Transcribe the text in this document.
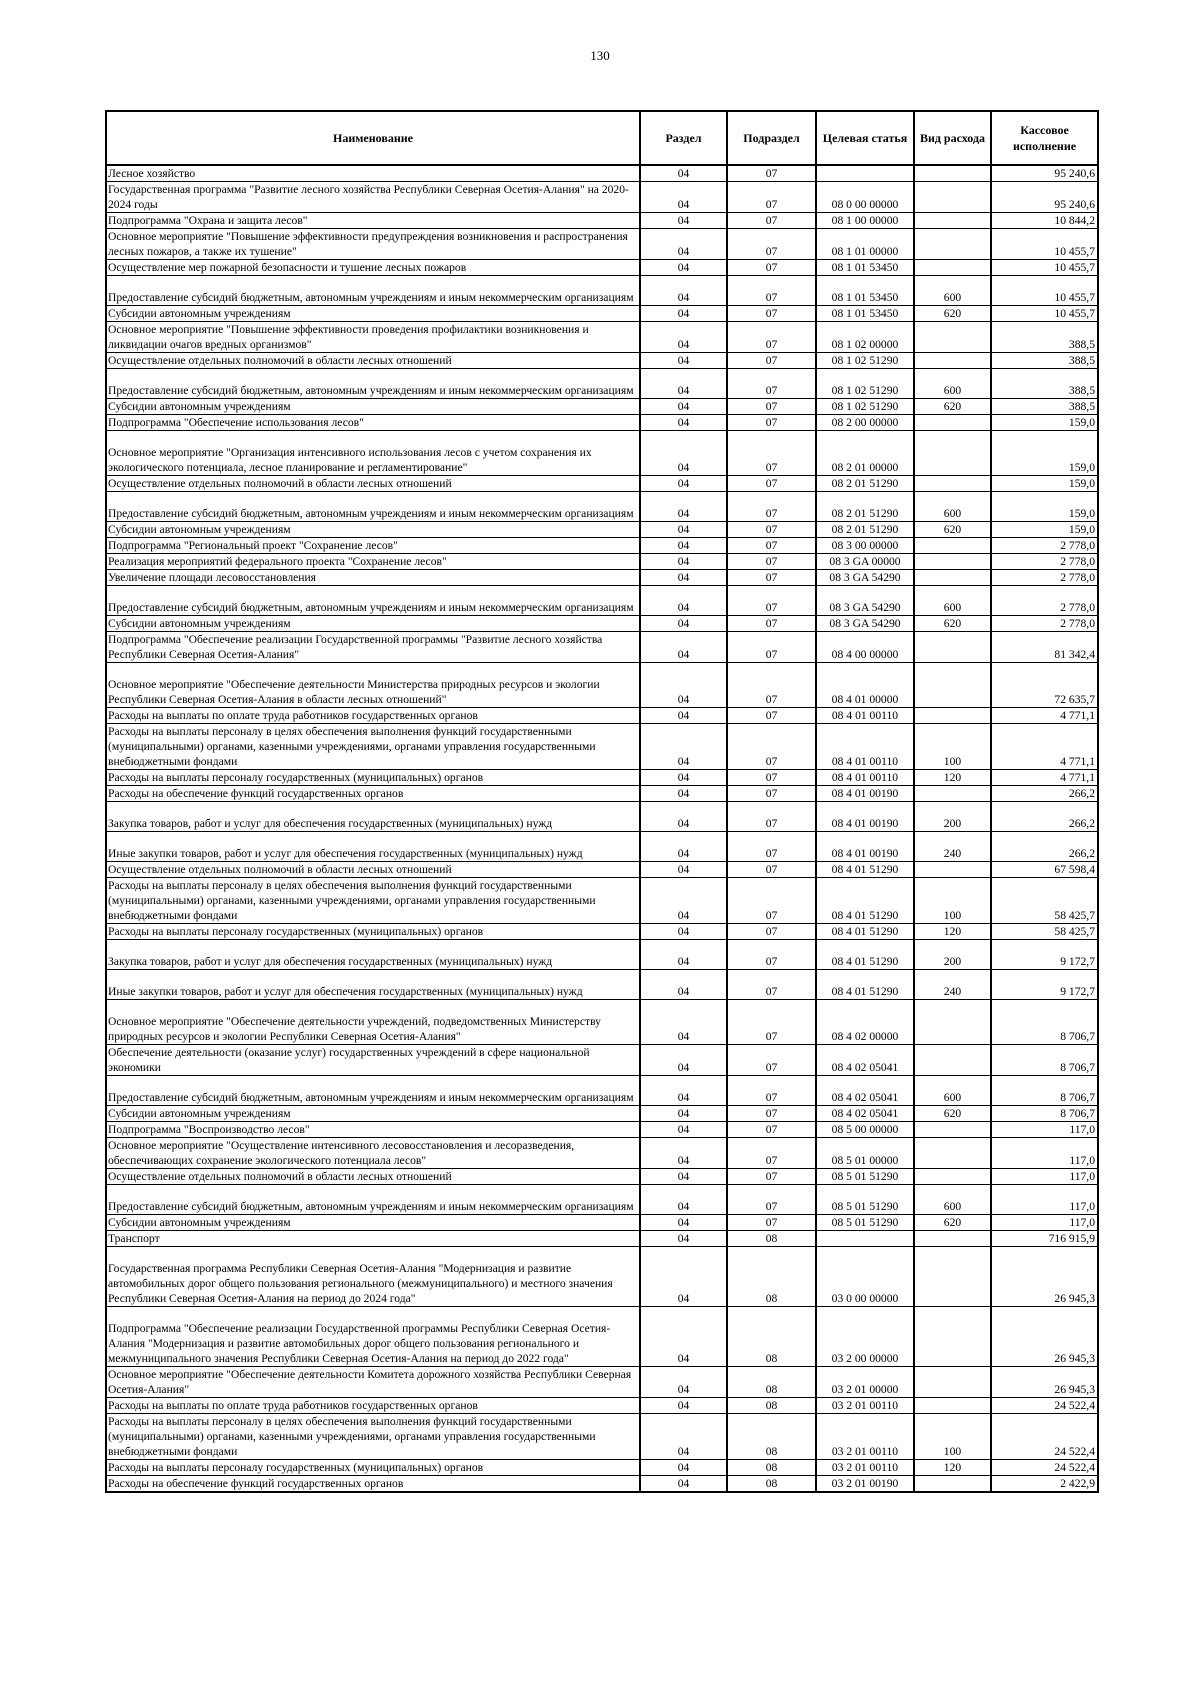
130
Наименование	Раздел	Подраздел	Целевая статья	Вид расхода	Кассовое исполнение
Лесное хозяйство	04	07			95 240,6
Государственная программа "Развитие лесного хозяйства Республики Северная Осетия-Алания" на 2020-2024 годы	04	07	08 0 00 00000		95 240,6
Подпрограмма "Охрана и защита лесов"	04	07	08 1 00 00000		10 844,2
Основное мероприятие "Повышение эффективности предупреждения возникновения и распространения лесных пожаров, а также их тушение"	04	07	08 1 01 00000		10 455,7
Осуществление мер пожарной безопасности и тушение лесных пожаров	04	07	08 1 01 53450		10 455,7
Предоставление субсидий бюджетным, автономным учреждениям и иным некоммерческим организациям	04	07	08 1 01 53450	600	10 455,7
Субсидии автономным учреждениям	04	07	08 1 01 53450	620	10 455,7
Основное мероприятие "Повышение эффективности проведения профилактики возникновения и ликвидации очагов вредных организмов"	04	07	08 1 02 00000		388,5
Осуществление отдельных полномочий в области лесных отношений	04	07	08 1 02 51290		388,5
Предоставление субсидий бюджетным, автономным учреждениям и иным некоммерческим организациям	04	07	08 1 02 51290	600	388,5
Субсидии автономным учреждениям	04	07	08 1 02 51290	620	388,5
Подпрограмма "Обеспечение использования лесов"	04	07	08 2 00 00000		159,0
Основное мероприятие "Организация интенсивного использования лесов с учетом сохранения их экологического потенциала, лесное планирование и регламентирование"	04	07	08 2 01 00000		159,0
Осуществление отдельных полномочий в области лесных отношений	04	07	08 2 01 51290		159,0
Предоставление субсидий бюджетным, автономным учреждениям и иным некоммерческим организациям	04	07	08 2 01 51290	600	159,0
Субсидии автономным учреждениям	04	07	08 2 01 51290	620	159,0
Подпрограмма "Региональный проект "Сохранение лесов"	04	07	08 3 00 00000		2 778,0
Реализация мероприятий федерального проекта "Сохранение лесов"	04	07	08 3 GA 00000		2 778,0
Увеличение площади лесовосстановления	04	07	08 3 GA 54290		2 778,0
Предоставление субсидий бюджетным, автономным учреждениям и иным некоммерческим организациям	04	07	08 3 GA 54290	600	2 778,0
Субсидии автономным учреждениям	04	07	08 3 GA 54290	620	2 778,0
Подпрограмма "Обеспечение реализации Государственной программы "Развитие лесного хозяйства Республики Северная Осетия-Алания"	04	07	08 4 00 00000		81 342,4
Основное мероприятие "Обеспечение деятельности Министерства природных ресурсов и экологии Республики Северная Осетия-Алания в области лесных отношений"	04	07	08 4 01 00000		72 635,7
Расходы на выплаты по оплате труда работников государственных органов	04	07	08 4 01 00110		4 771,1
Расходы на выплаты персоналу в целях обеспечения выполнения функций государственными (муниципальными) органами, казенными учреждениями, органами управления государственными внебюджетными фондами	04	07	08 4 01 00110	100	4 771,1
Расходы на выплаты персоналу государственных (муниципальных) органов	04	07	08 4 01 00110	120	4 771,1
Расходы на обеспечение функций государственных органов	04	07	08 4 01 00190		266,2
Закупка товаров, работ и услуг для обеспечения государственных (муниципальных) нужд	04	07	08 4 01 00190	200	266,2
Иные закупки товаров, работ и услуг для обеспечения государственных (муниципальных) нужд	04	07	08 4 01 00190	240	266,2
Осуществление отдельных полномочий в области лесных отношений	04	07	08 4 01 51290		67 598,4
Расходы на выплаты персоналу в целях обеспечения выполнения функций государственными (муниципальными) органами, казенными учреждениями, органами управления государственными внебюджетными фондами	04	07	08 4 01 51290	100	58 425,7
Расходы на выплаты персоналу государственных (муниципальных) органов	04	07	08 4 01 51290	120	58 425,7
Закупка товаров, работ и услуг для обеспечения государственных (муниципальных) нужд	04	07	08 4 01 51290	200	9 172,7
Иные закупки товаров, работ и услуг для обеспечения государственных (муниципальных) нужд	04	07	08 4 01 51290	240	9 172,7
Основное мероприятие "Обеспечение деятельности учреждений, подведомственных Министерству природных ресурсов и экологии Республики Северная Осетия-Алания"	04	07	08 4 02 00000		8 706,7
Обеспечение деятельности (оказание услуг) государственных учреждений в сфере национальной экономики	04	07	08 4 02 05041		8 706,7
Предоставление субсидий бюджетным, автономным учреждениям и иным некоммерческим организациям	04	07	08 4 02 05041	600	8 706,7
Субсидии автономным учреждениям	04	07	08 4 02 05041	620	8 706,7
Подпрограмма "Воспроизводство лесов"	04	07	08 5 00 00000		117,0
Основное мероприятие "Осуществление интенсивного лесовосстановления и лесоразведения, обеспечивающих сохранение экологического потенциала лесов"	04	07	08 5 01 00000		117,0
Осуществление отдельных полномочий в области лесных отношений	04	07	08 5 01 51290		117,0
Предоставление субсидий бюджетным, автономным учреждениям и иным некоммерческим организациям	04	07	08 5 01 51290	600	117,0
Субсидии автономным учреждениям	04	07	08 5 01 51290	620	117,0
Транспорт	04	08			716 915,9
Государственная программа Республики Северная Осетия-Алания "Модернизация и развитие автомобильных дорог общего пользования регионального (межмуниципального) и местного значения Республики Северная Осетия-Алания на период до 2024 года"	04	08	03 0 00 00000		26 945,3
Подпрограмма "Обеспечение реализации Государственной программы Республики Северная Осетия-Алания "Модернизация и развитие автомобильных дорог общего пользования регионального и межмуниципального значения Республики Северная Осетия-Алания на период до 2022 года"	04	08	03 2 00 00000		26 945,3
Основное мероприятие "Обеспечение деятельности Комитета дорожного хозяйства Республики Северная Осетия-Алания"	04	08	03 2 01 00000		26 945,3
Расходы на выплаты по оплате труда работников государственных органов	04	08	03 2 01 00110		24 522,4
Расходы на выплаты персоналу в целях обеспечения выполнения функций государственными (муниципальными) органами, казенными учреждениями, органами управления государственными внебюджетными фондами	04	08	03 2 01 00110	100	24 522,4
Расходы на выплаты персоналу государственных (муниципальных) органов	04	08	03 2 01 00110	120	24 522,4
Расходы на обеспечение функций государственных органов	04	08	03 2 01 00190		2 422,9
